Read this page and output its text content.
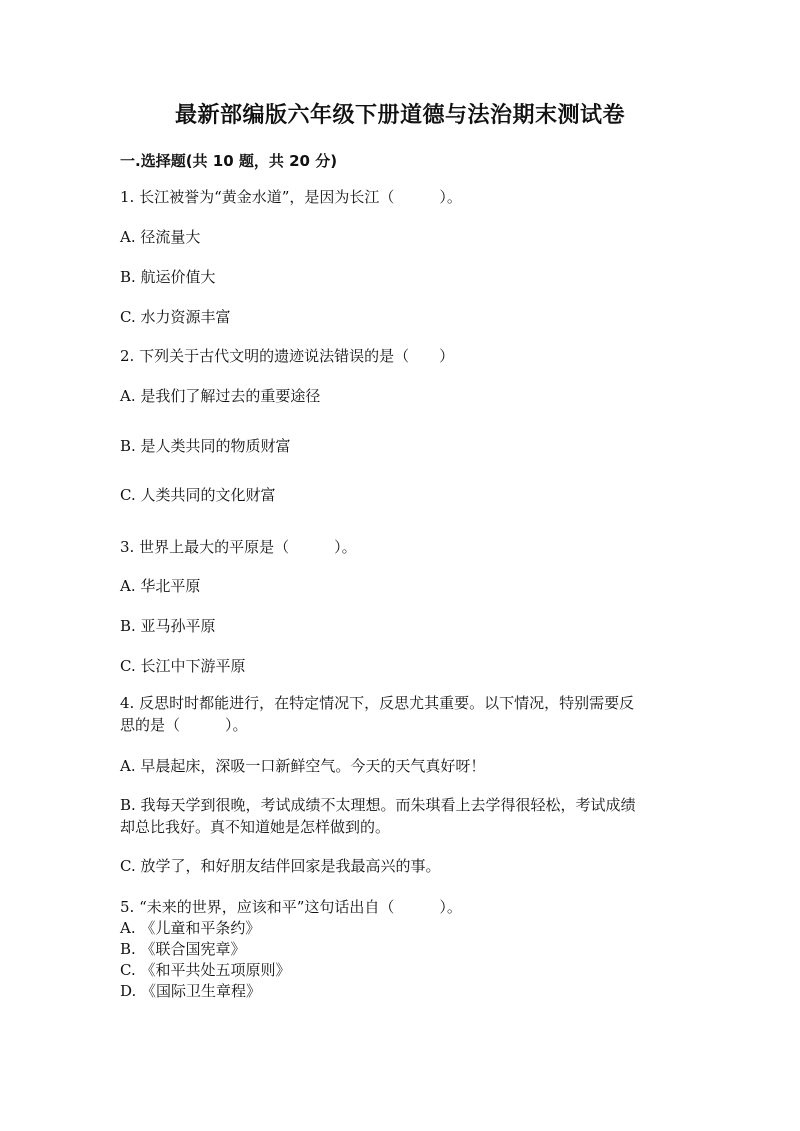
最新部编版六年级下册道德与法治期末测试卷
一.选择题(共 10 题，共 20 分)
1. 长江被誉为“黄金水道”，是因为长江（　　　）。
A. 径流量大
B. 航运价值大
C. 水力资源丰富
2. 下列关于古代文明的遗迹说法错误的是（　　）
A. 是我们了解过去的重要途径
B. 是人类共同的物质财富
C. 人类共同的文化财富
3. 世界上最大的平原是（　　　）。
A. 华北平原
B. 亚马孙平原
C. 长江中下游平原
4. 反思时时都能进行，在特定情况下，反思尤其重要。以下情况，特别需要反
思的是（　　　）。
A. 早晨起床，深吸一口新鲜空气。今天的天气真好呀！
B. 我每天学到很晚，考试成绩不太理想。而朱琪看上去学得很轻松，考试成绩
却总比我好。真不知道她是怎样做到的。
C. 放学了，和好朋友结伴回家是我最高兴的事。
5. “未来的世界，应该和平”这句话出自（　　　）。
A. 《儿童和平条约》
B. 《联合国宪章》
C. 《和平共处五项原则》
D. 《国际卫生章程》
